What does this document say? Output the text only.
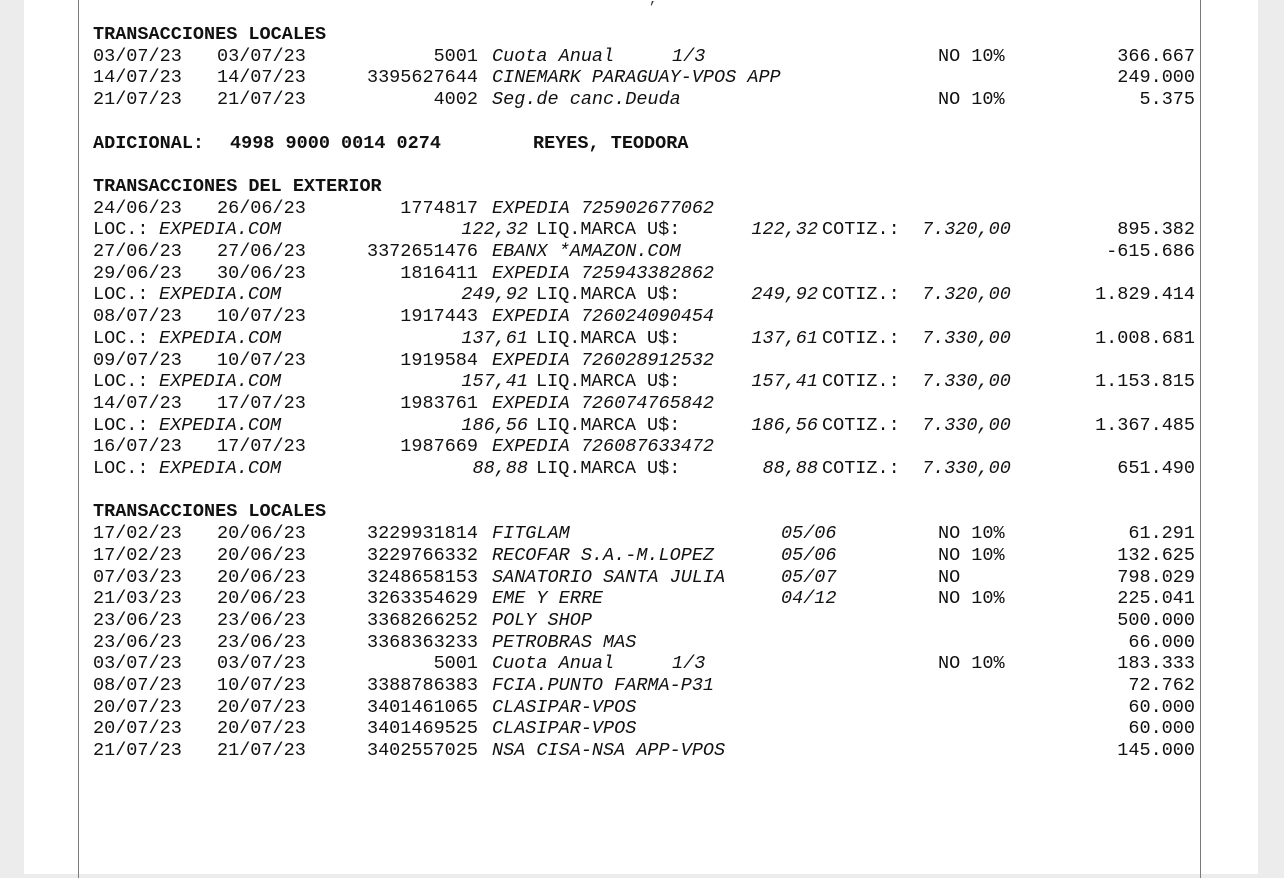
,
TRANSACCIONES LOCALES
03/07/23 03/07/23	5001 Cuota Anual	1/3	NO 10%	366.667
14/07/23 14/07/23	3395627644 CINEMARK PARAGUAY-VPOS APP	249.000
21/07/23 21/07/23	4002 Seg.de canc.Deuda	NO 10%	5.375
ADICIONAL: 4998 9000 0014 0274	REYES, TEODORA
TRANSACCIONES DEL EXTERIOR
24/06/23 26/06/23	1774817 EXPEDIA 725902677062
LOC.: EXPEDIA.COM	122,32 LIQ.MARCA U$:	122,32 COTIZ.: 7.320,00	895.382
27/06/23 27/06/23	3372651476 EBANX *AMAZON.COM	-615.686
29/06/23 30/06/23	1816411 EXPEDIA 725943382862
LOC.: EXPEDIA.COM	249,92 LIQ.MARCA U$:	249,92 COTIZ.: 7.320,00	1.829.414
08/07/23 10/07/23	1917443 EXPEDIA 726024090454
LOC.: EXPEDIA.COM	137,61 LIQ.MARCA U$:	137,61 COTIZ.: 7.330,00	1.008.681
09/07/23 10/07/23	1919584 EXPEDIA 726028912532
LOC.: EXPEDIA.COM	157,41 LIQ.MARCA U$:	157,41 COTIZ.: 7.330,00	1.153.815
14/07/23 17/07/23	1983761 EXPEDIA 726074765842
LOC.: EXPEDIA.COM	186,56 LIQ.MARCA U$:	186,56 COTIZ.: 7.330,00	1.367.485
16/07/23 17/07/23	1987669 EXPEDIA 726087633472
LOC.: EXPEDIA.COM	88,88 LIQ.MARCA U$:	88,88 COTIZ.: 7.330,00	651.490
TRANSACCIONES LOCALES
17/02/23 20/06/23	3229931814 FITGLAM	05/06	NO 10%	61.291
17/02/23 20/06/23	3229766332 RECOFAR S.A.-M.LOPEZ	05/06	NO 10%	132.625
07/03/23 20/06/23	3248658153 SANATORIO SANTA JULIA	05/07	NO	798.029
21/03/23 20/06/23	3263354629 EME Y ERRE	04/12	NO 10%	225.041
23/06/23 23/06/23	3368266252 POLY SHOP	500.000
23/06/23 23/06/23	3368363233 PETROBRAS MAS	66.000
03/07/23 03/07/23	5001 Cuota Anual	1/3	NO 10%	183.333
08/07/23 10/07/23	3388786383 FCIA.PUNTO FARMA-P31	72.762
20/07/23 20/07/23	3401461065 CLASIPAR-VPOS	60.000
20/07/23 20/07/23	3401469525 CLASIPAR-VPOS	60.000
21/07/23 21/07/23	3402557025 NSA CISA-NSA APP-VPOS	145.000
